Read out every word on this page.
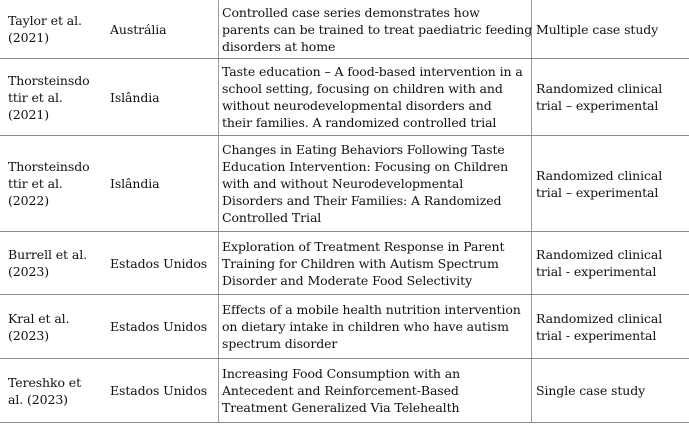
Taylor et al.
(2021)
Austrália
Controlled case series demonstrates how
parents can be trained to treat paediatric feeding
disorders at home
Multiple case study
Thorsteinsdo
ttir et al.
(2021)
Islândia
Taste education – A food-based intervention in a
school setting, focusing on children with and
without neurodevelopmental disorders and
their families. A randomized controlled trial
Randomized clinical
trial – experimental
Thorsteinsdo
ttir et al.
(2022)
Islândia
Changes in Eating Behaviors Following Taste
Education Intervention: Focusing on Children
with and without Neurodevelopmental
Disorders and Their Families: A Randomized
Controlled Trial
Randomized clinical
trial – experimental
Burrell et al.
(2023)
Estados Unidos
Exploration of Treatment Response in Parent
Training for Children with Autism Spectrum
Disorder and Moderate Food Selectivity
Randomized clinical
trial - experimental
Kral et al.
(2023)
Estados Unidos
Effects of a mobile health nutrition intervention
on dietary intake in children who have autism
spectrum disorder
Randomized clinical
trial - experimental
Tereshko et
al. (2023)
Estados Unidos
Increasing Food Consumption with an
Antecedent and Reinforcement-Based
Treatment Generalized Via Telehealth
Single case study
